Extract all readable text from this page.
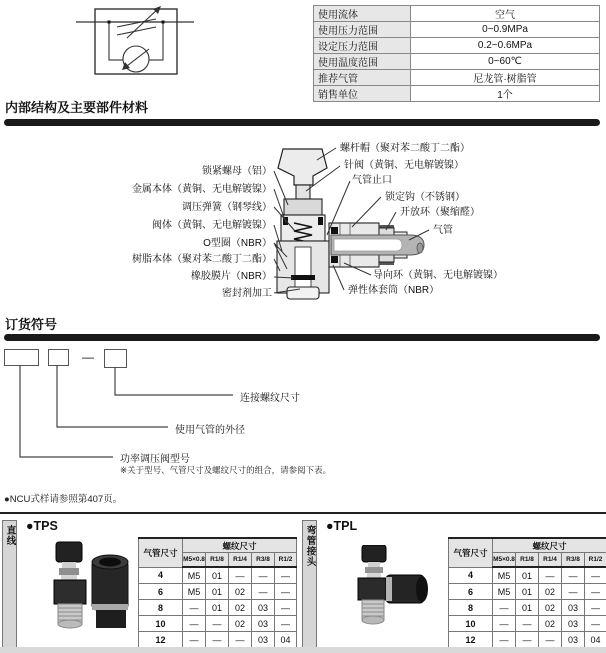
使用流体	空气
使用压力范围	0~0.9MPa
设定压力范围	0.2~0.6MPa
使用温度范围	0~60℃
推荐气管	尼龙管·树脂管
销售单位	1个
内部结构及主要部件材料
锁紧螺母（铝）
金属本体（黄铜、无电解镀镍）
调压弹簧（钢琴线）
阀体（黄铜、无电解镀镍）
O型圈（NBR）
树脂本体（聚对苯二酸丁二酯）
橡胶膜片（NBR）
密封剂加工
螺杆帽（聚对苯二酸丁二酯）
针阀（黄铜、无电解镀镍）
气管止口
锁定钩（不锈钢）
开放环（聚缩醛）
气管
导向环（黄铜、无电解镀镍）
弹性体套筒（NBR）
订货符号
—
连接螺纹尺寸
使用气管的外径
功率调压阀型号
※关于型号、气管尺寸及螺纹尺寸的组合，请参阅下表。
●NCU式样请参照第407页。
直线 ●TPS
气管尺寸	螺纹尺寸				
	M5×0.8	R1/8	R1/4	R3/8	R1/2
4	M5	01	—	—	—
6	M5	01	02	—	—
8	—	01	02	03	—
10	—	—	02	03	—
12	—	—	—	03	04
弯管接头 ●TPL
气管尺寸	螺纹尺寸				
	M5×0.8	R1/8	R1/4	R3/8	R1/2
4	M5	01	—	—	—
6	M5	01	02	—	—
8	—	01	02	03	—
10	—	—	02	03	—
12	—	—	—	03	04
